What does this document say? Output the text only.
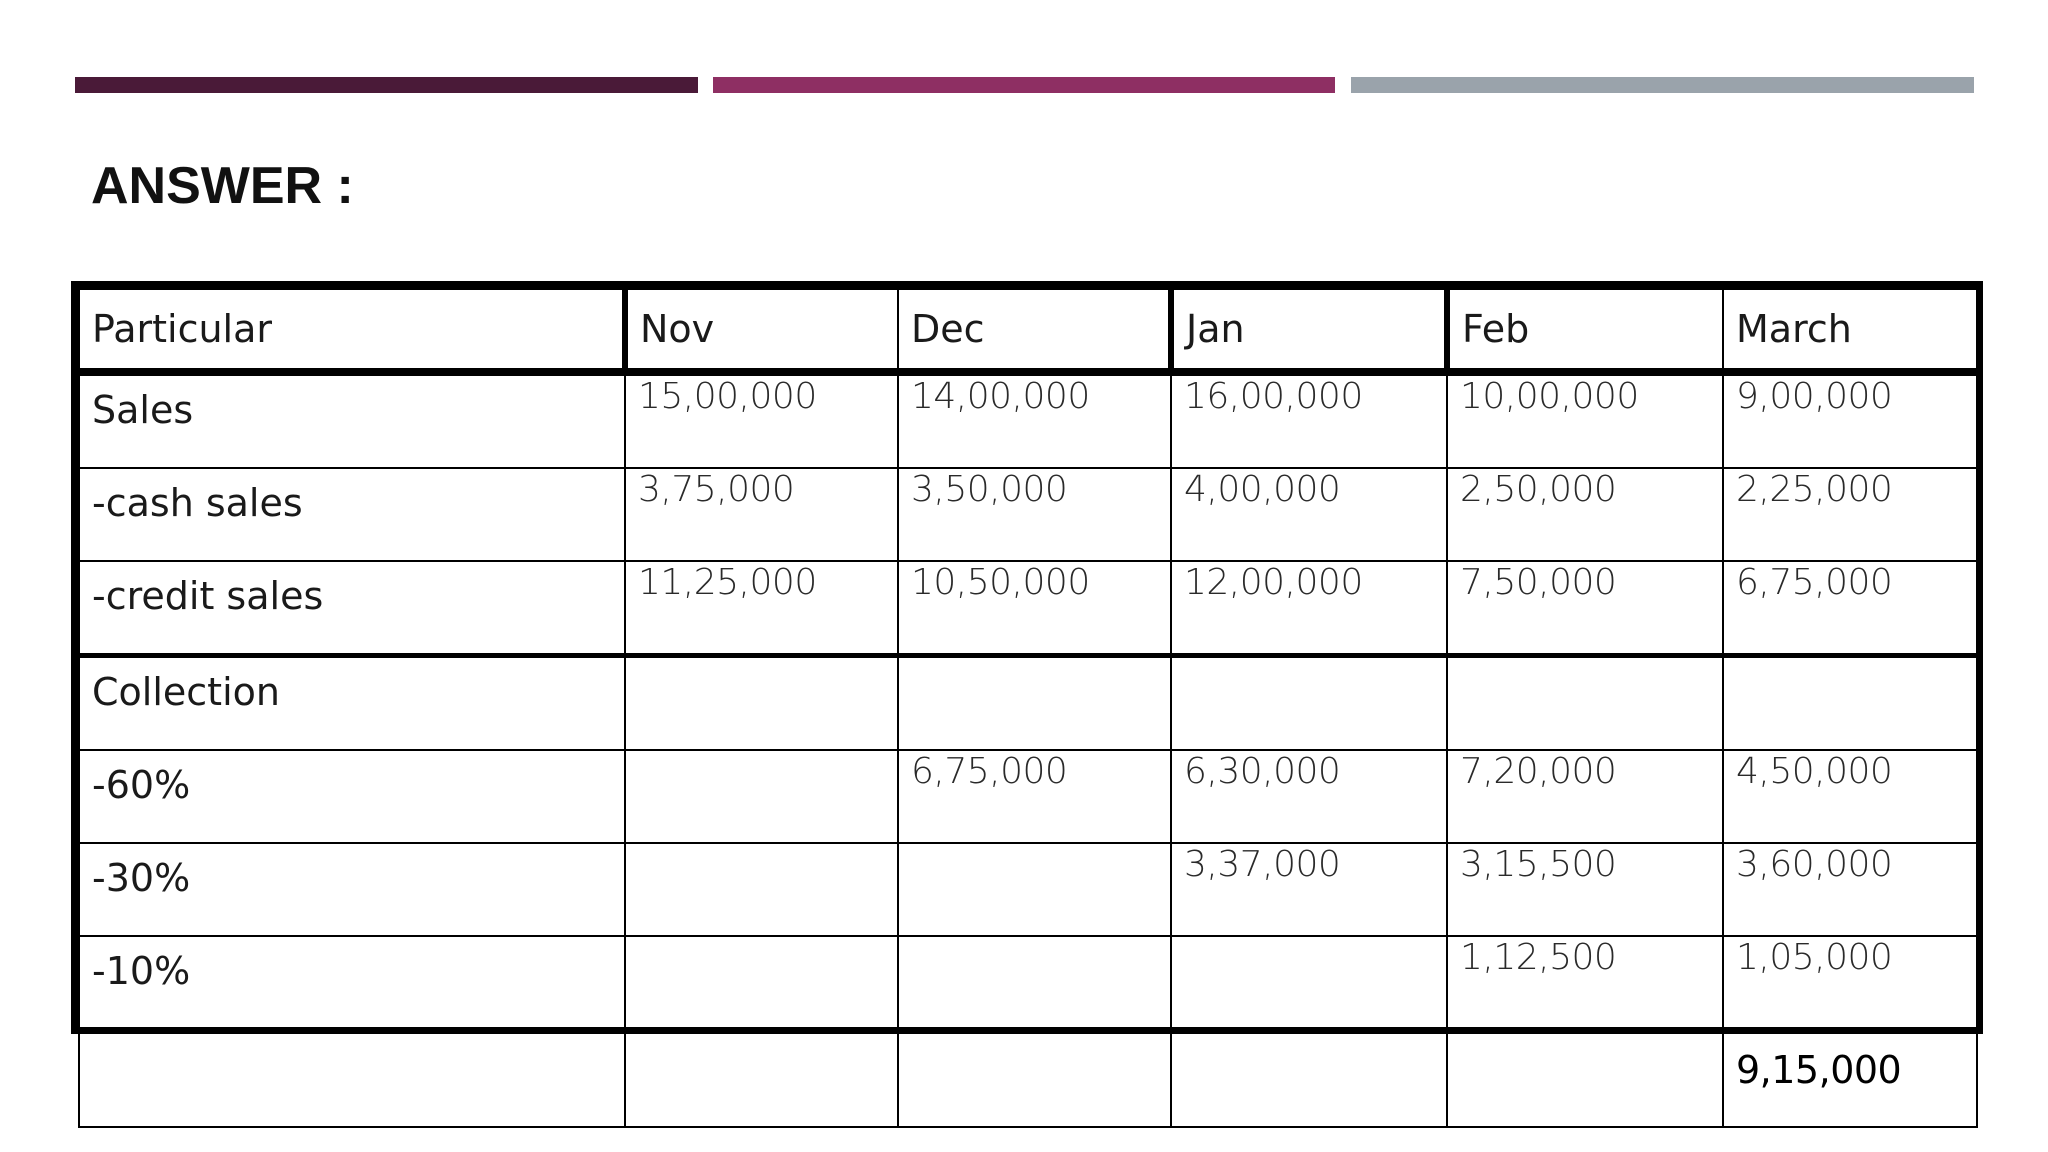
ANSWER :
Particular	Nov	Dec	Jan	Feb	March
Sales	15,00,000	14,00,000	16,00,000	10,00,000	9,00,000
-cash sales	3,75,000	3,50,000	4,00,000	2,50,000	2,25,000
-credit sales	11,25,000	10,50,000	12,00,000	7,50,000	6,75,000
Collection					
-60%		6,75,000	6,30,000	7,20,000	4,50,000
-30%			3,37,000	3,15,500	3,60,000
-10%				1,12,500	1,05,000
					9,15,000
